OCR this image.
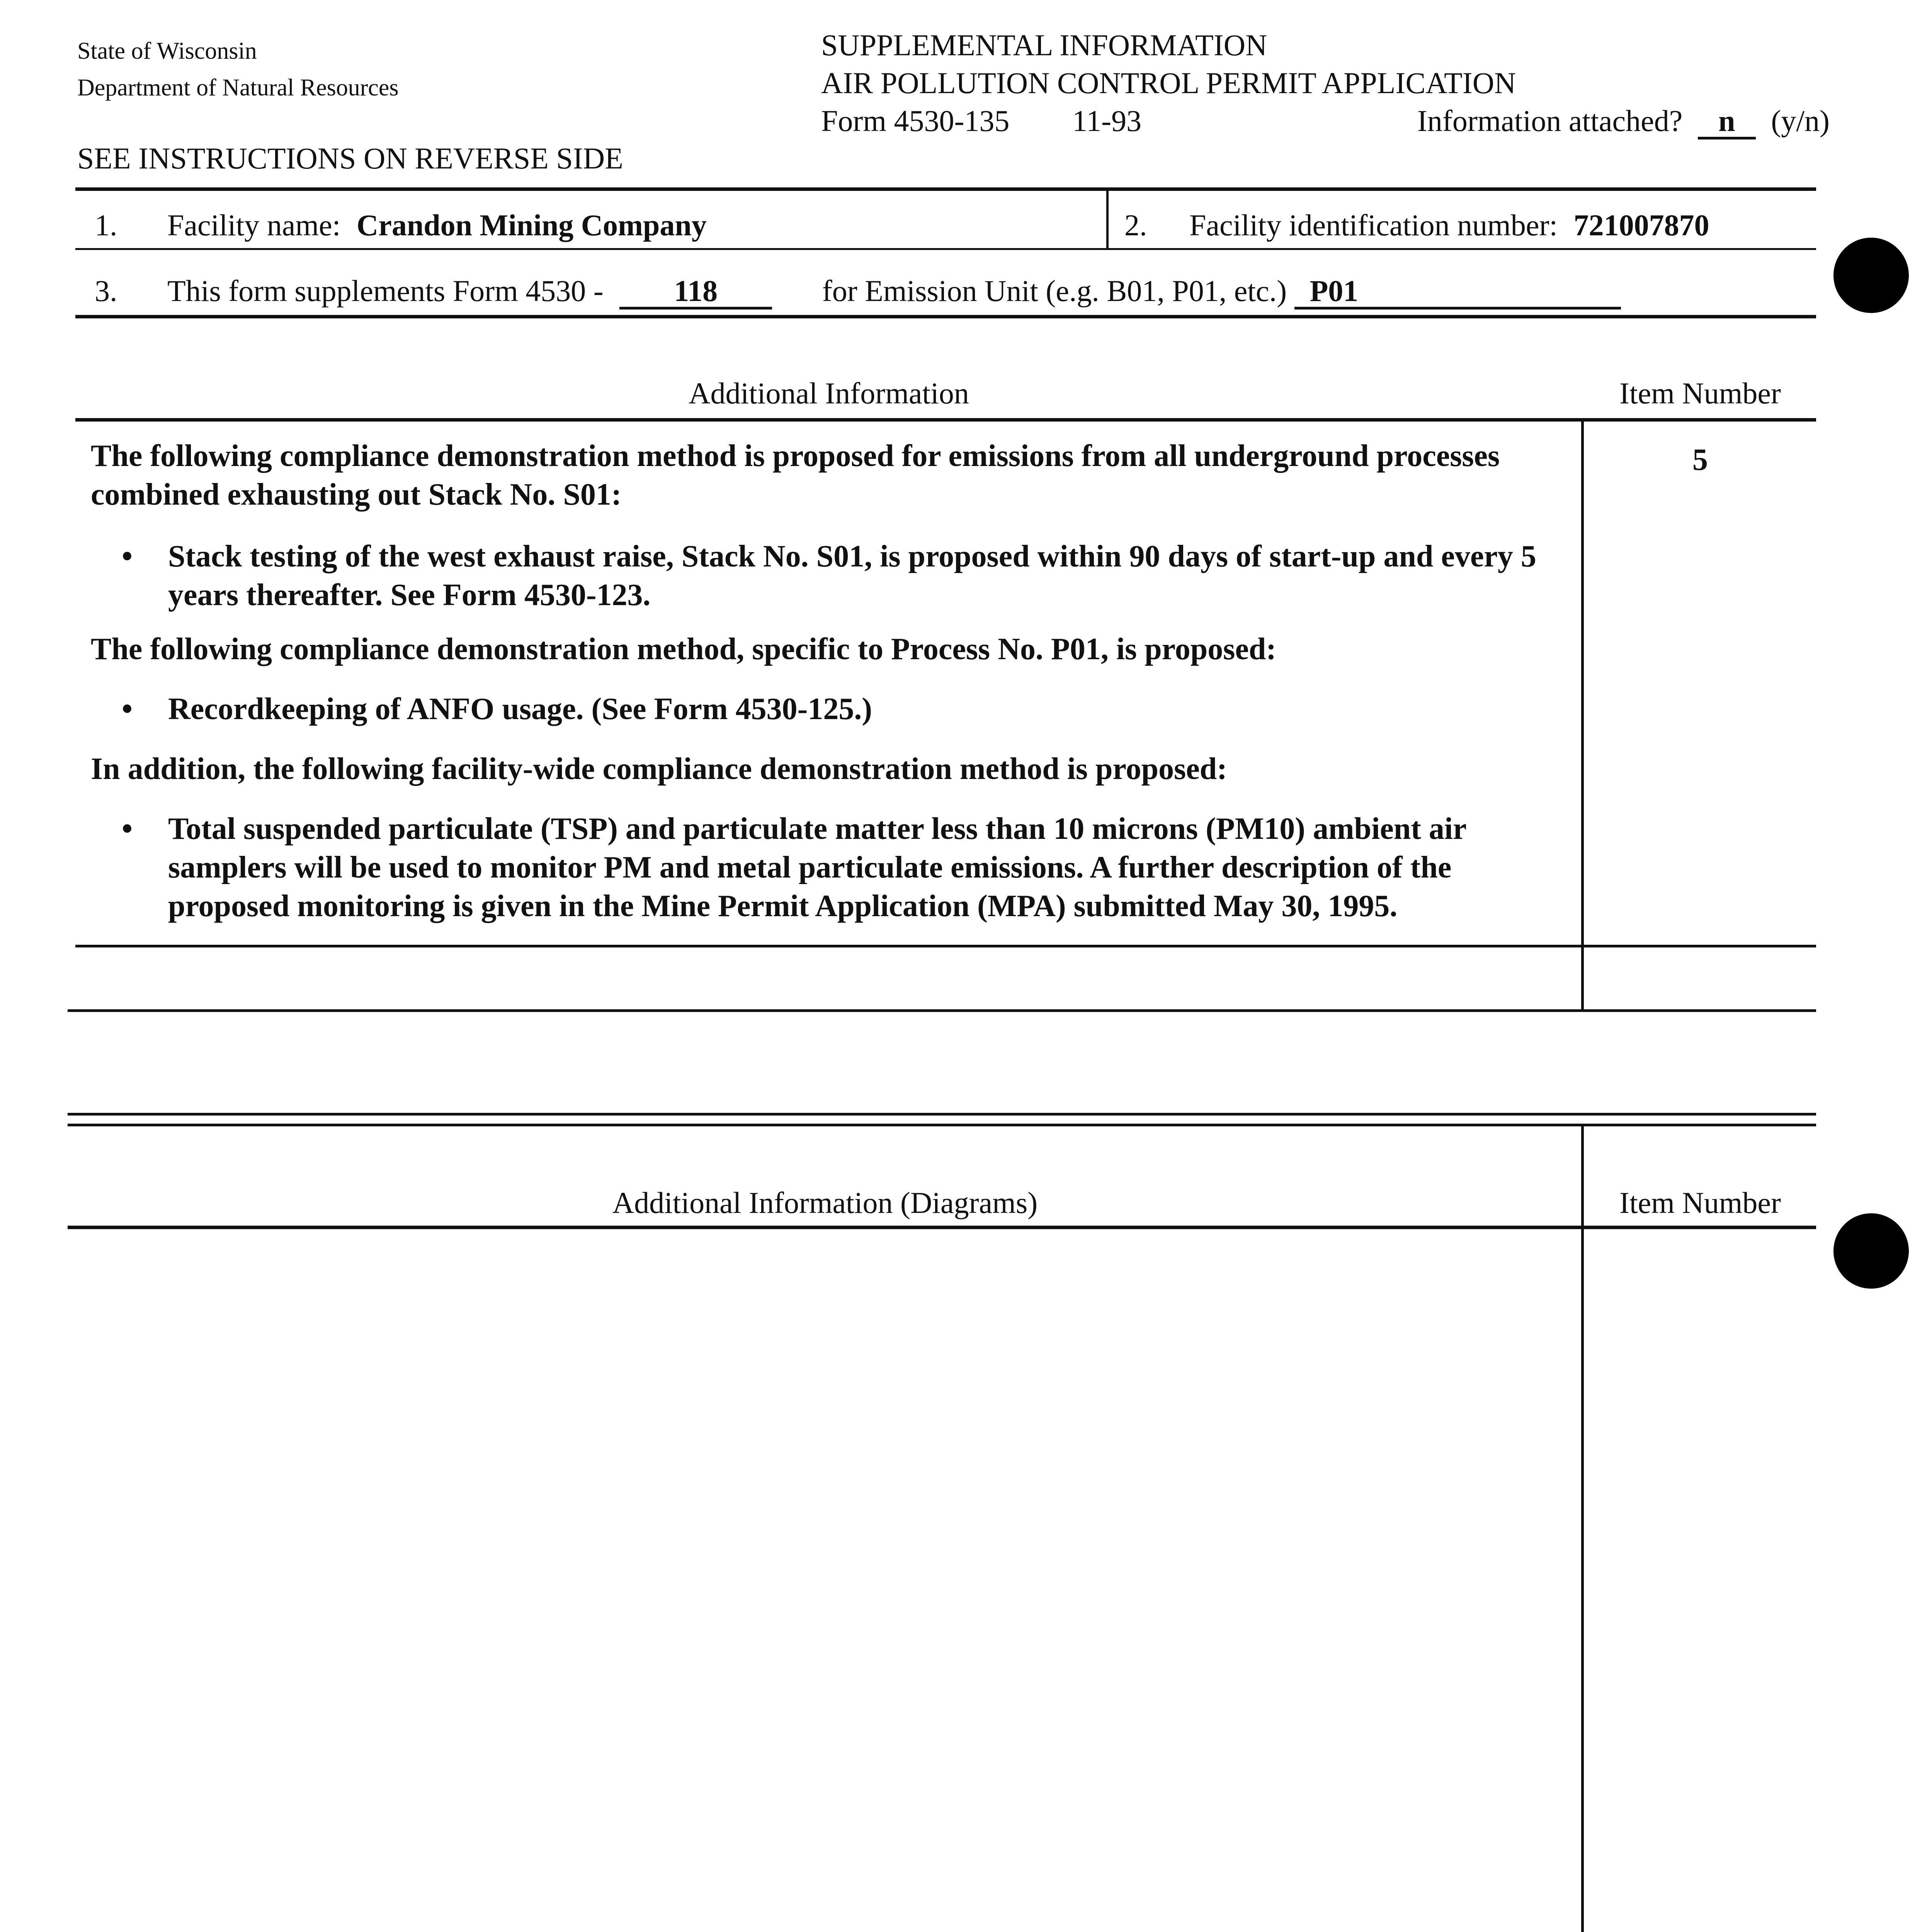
State of Wisconsin
Department of Natural Resources
SEE INSTRUCTIONS ON REVERSE SIDE
SUPPLEMENTAL INFORMATION
AIR POLLUTION CONTROL PERMIT APPLICATION
Form 4530-135 11-93	Information attached? n (y/n)
1. Facility name: Crandon Mining Company	2. Facility identification number: 721007870
3. This form supplements Form 4530 - 118	for Emission Unit (e.g. B01, P01, etc.) P01
Additional Information	Item Number

The following compliance demonstration method is proposed for emissions from all underground processes combined exhausting out Stack No. S01:

• Stack testing of the west exhaust raise, Stack No. S01, is proposed within 90 days of start-up and every 5 years thereafter. See Form 4530-123.

The following compliance demonstration method, specific to Process No. P01, is proposed:

• Recordkeeping of ANFO usage. (See Form 4530-125.)

In addition, the following facility-wide compliance demonstration method is proposed:

• Total suspended particulate (TSP) and particulate matter less than 10 microns (PM10) ambient air samplers will be used to monitor PM and metal particulate emissions. A further description of the proposed monitoring is given in the Mine Permit Application (MPA) submitted May 30, 1995.
5
Additional Information (Diagrams)	Item Number
